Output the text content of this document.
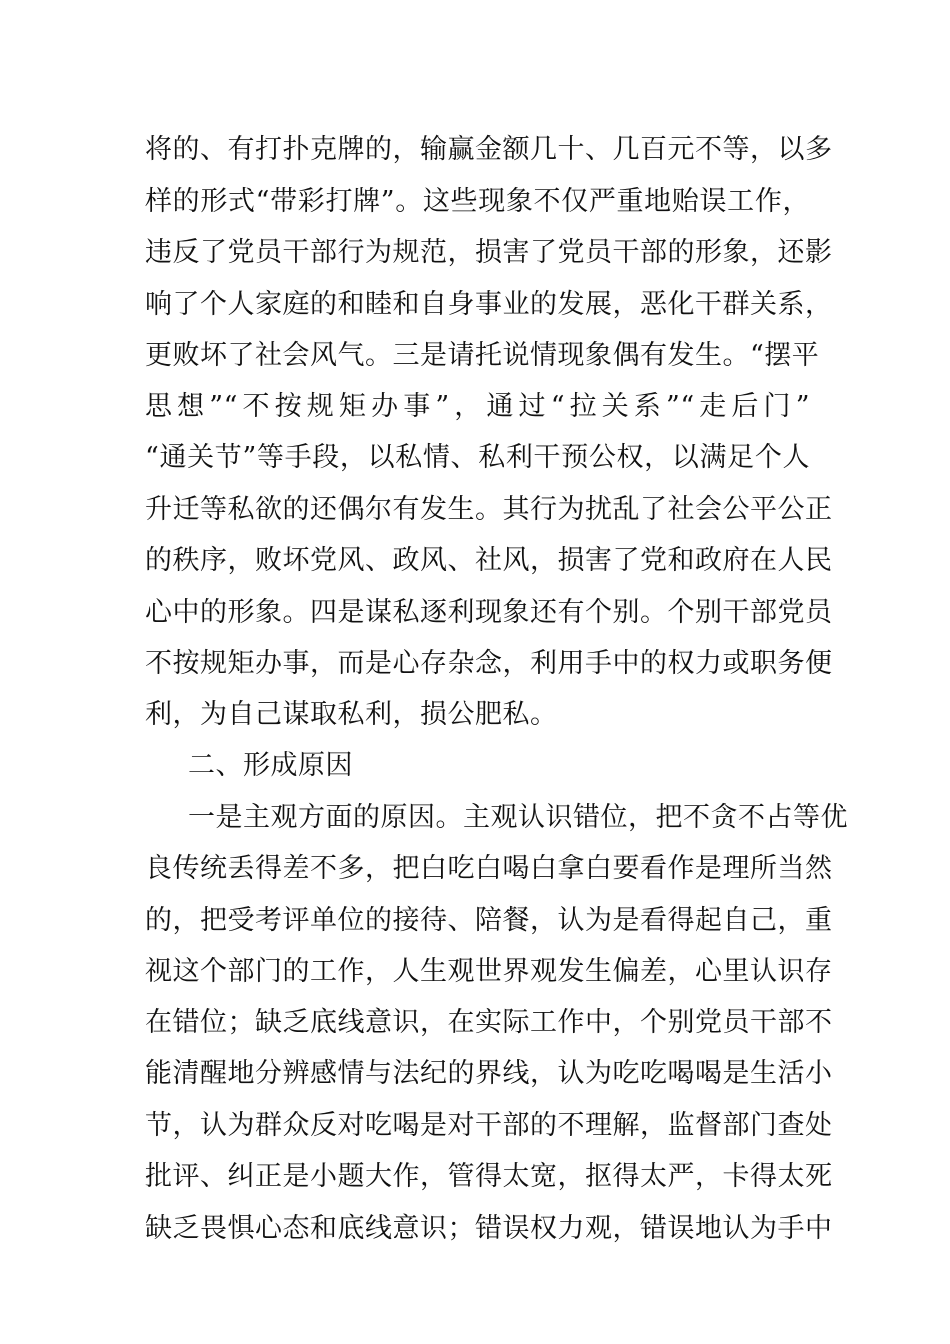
将的、有打扑克牌的，输赢金额几十、几百元不等，以多
样的形式“带彩打牌”。这些现象不仅严重地贻误工作，
违反了党员干部行为规范，损害了党员干部的形象，还影
响了个人家庭的和睦和自身事业的发展，恶化干群关系，
更败坏了社会风气。三是请托说情现象偶有发生。“摆平
思想”“不按规矩办事”，通过“拉关系”“走后门”
“通关节”等手段，以私情、私利干预公权，以满足个人
升迁等私欲的还偶尔有发生。其行为扰乱了社会公平公正
的秩序，败坏党风、政风、社风，损害了党和政府在人民
心中的形象。四是谋私逐利现象还有个别。个别干部党员
不按规矩办事，而是心存杂念，利用手中的权力或职务便
利，为自己谋取私利，损公肥私。
二、形成原因
一是主观方面的原因。主观认识错位，把不贪不占等优
良传统丢得差不多，把白吃白喝白拿白要看作是理所当然
的，把受考评单位的接待、陪餐，认为是看得起自己，重
视这个部门的工作，人生观世界观发生偏差，心里认识存
在错位；缺乏底线意识，在实际工作中，个别党员干部不
能清醒地分辨感情与法纪的界线，认为吃吃喝喝是生活小
节，认为群众反对吃喝是对干部的不理解，监督部门查处
批评、纠正是小题大作，管得太宽，抠得太严，卡得太死
缺乏畏惧心态和底线意识；错误权力观，错误地认为手中
